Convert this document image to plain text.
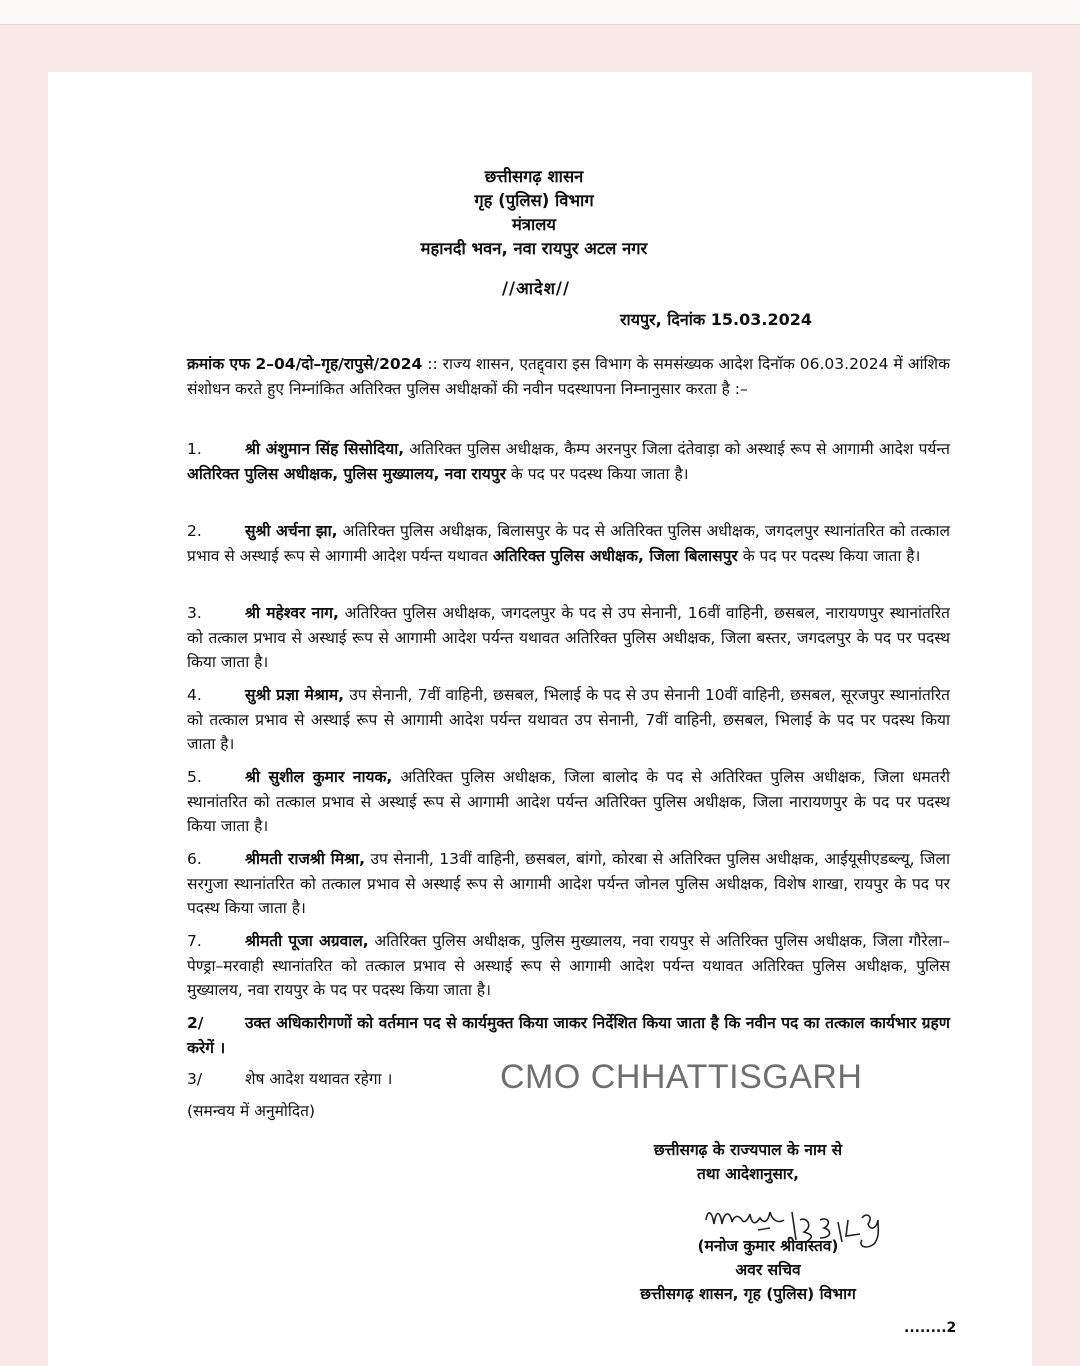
छत्तीसगढ़ शासन
गृह (पुलिस) विभाग
मंत्रालय
महानदी भवन, नवा रायपुर अटल नगर
//आदेश//
रायपुर, दिनांक 15.03.2024
क्रमांक एफ 2–04/दो–गृह/रापुसे/2024 :: राज्य शासन, एतद्द्वारा इस विभाग के समसंख्यक आदेश दिनॉक 06.03.2024 में आंशिक संशोधन करते हुए निम्नांकित अतिरिक्त पुलिस अधीक्षकों की नवीन पदस्थापना निम्नानुसार करता है :–
1.	श्री अंशुमान सिंह सिसोदिया, अतिरिक्त पुलिस अधीक्षक, कैम्प अरनपुर जिला दंतेवाड़ा को अस्थाई रूप से आगामी आदेश पर्यन्त अतिरिक्त पुलिस अधीक्षक, पुलिस मुख्यालय, नवा रायपुर के पद पर पदस्थ किया जाता है।
2.	सुश्री अर्चना झा, अतिरिक्त पुलिस अधीक्षक, बिलासपुर के पद से अतिरिक्त पुलिस अधीक्षक, जगदलपुर स्थानांतरित को तत्काल प्रभाव से अस्थाई रूप से आगामी आदेश पर्यन्त यथावत अतिरिक्त पुलिस अधीक्षक, जिला बिलासपुर के पद पर पदस्थ किया जाता है।
3.	श्री महेश्वर नाग, अतिरिक्त पुलिस अधीक्षक, जगदलपुर के पद से उप सेनानी, 16वीं वाहिनी, छसबल, नारायणपुर स्थानांतरित को तत्काल प्रभाव से अस्थाई रूप से आगामी आदेश पर्यन्त यथावत अतिरिक्त पुलिस अधीक्षक, जिला बस्तर, जगदलपुर के पद पर पदस्थ किया जाता है।
4.	सुश्री प्रज्ञा मेश्राम, उप सेनानी, 7वीं वाहिनी, छसबल, भिलाई के पद से उप सेनानी 10वीं वाहिनी, छसबल, सूरजपुर स्थानांतरित को तत्काल प्रभाव से अस्थाई रूप से आगामी आदेश पर्यन्त यथावत उप सेनानी, 7वीं वाहिनी, छसबल, भिलाई के पद पर पदस्थ किया जाता है।
5.	श्री सुशील कुमार नायक, अतिरिक्त पुलिस अधीक्षक, जिला बालोद के पद से अतिरिक्त पुलिस अधीक्षक, जिला धमतरी स्थानांतरित को तत्काल प्रभाव से अस्थाई रूप से आगामी आदेश पर्यन्त अतिरिक्त पुलिस अधीक्षक, जिला नारायणपुर के पद पर पदस्थ किया जाता है।
6.	श्रीमती राजश्री मिश्रा, उप सेनानी, 13वीं वाहिनी, छसबल, बांगो, कोरबा से अतिरिक्त पुलिस अधीक्षक, आईयूसीएडब्ल्यू, जिला सरगुजा स्थानांतरित को तत्काल प्रभाव से अस्थाई रूप से आगामी आदेश पर्यन्त जोनल पुलिस अधीक्षक, विशेष शाखा, रायपुर के पद पर पदस्थ किया जाता है।
7.	श्रीमती पूजा अग्रवाल, अतिरिक्त पुलिस अधीक्षक, पुलिस मुख्यालय, नवा रायपुर से अतिरिक्त पुलिस अधीक्षक, जिला गौरेला–पेण्ड्रा–मरवाही स्थानांतरित को तत्काल प्रभाव से अस्थाई रूप से आगामी आदेश पर्यन्त यथावत अतिरिक्त पुलिस अधीक्षक, पुलिस मुख्यालय, नवा रायपुर के पद पर पदस्थ किया जाता है।
2/	उक्त अधिकारीगणों को वर्तमान पद से कार्यमुक्त किया जाकर निर्देशित किया जाता है कि नवीन पद का तत्काल कार्यभार ग्रहण करेगें ।
3/	शेष आदेश यथावत रहेगा ।
(समन्वय में अनुमोदित)
CMO CHHATTISGARH
छत्तीसगढ़ के राज्यपाल के नाम से
तथा आदेशानुसार,
(मनोज कुमार श्रीवास्तव)
अवर सचिव
छत्तीसगढ़ शासन, गृह (पुलिस) विभाग
........2
